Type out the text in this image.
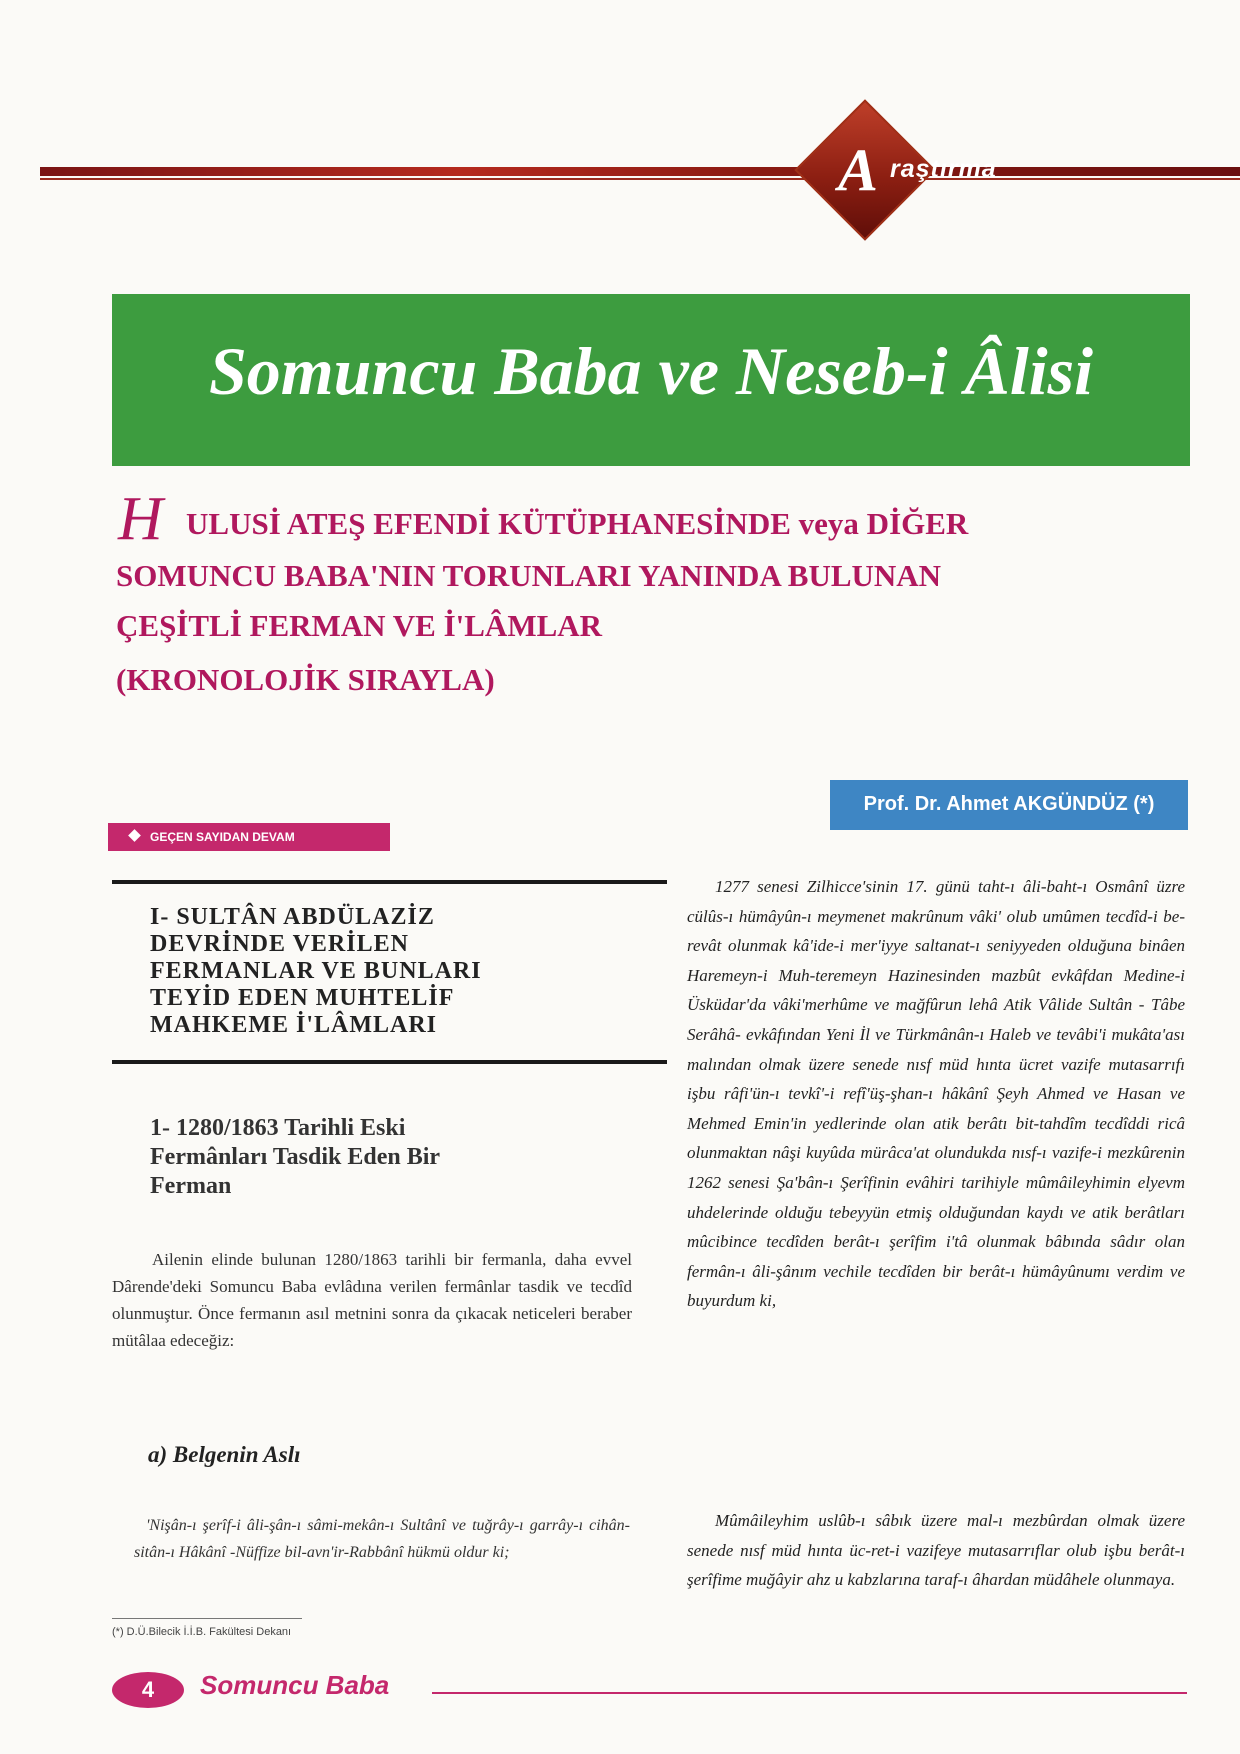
A raştırma
Somuncu Baba ve Neseb-i Âlisi
H ULUSİ ATEŞ EFENDİ KÜTÜPHANESİNDE veya DİĞER
SOMUNCU BABA'NIN TORUNLARI YANINDA BULUNAN
ÇEŞİTLİ FERMAN VE İ'LÂMLAR
(KRONOLOJİK SIRAYLA)
Prof. Dr. Ahmet AKGÜNDÜZ (*)
GEÇEN SAYIDAN DEVAM
I- SULTÂN ABDÜLAZİZ
DEVRİNDE VERİLEN
FERMANLAR VE BUNLARI
TEYİD EDEN MUHTELİF
MAHKEME İ'LÂMLARI
1- 1280/1863 Tarihli Eski
Fermânları Tasdik Eden Bir
Ferman

Ailenin elinde bulunan 1280/1863 tarihli bir fermanla, daha evvel Dârende'deki Somuncu Baba evlâdına verilen fermânlar tasdik ve tecdîd olunmuştur. Önce fermanın asıl metnini sonra da çıkacak neticeleri beraber mütâlaa edeceğiz:

a) Belgenin Aslı

'Nişân-ı şerîf-i âli-şân-ı sâmi-mekân-ı Sultânî ve tuğrây-ı garrây-ı cihân-sitân-ı Hâkânî -Nüffize bil-avn'ir-Rabbânî hükmü oldur ki;

(*) D.Ü.Bilecik İ.İ.B. Fakültesi Dekanı

1277 senesi Zilhicce'sinin 17. günü taht-ı âli-baht-ı Osmânî üzre cülûs-ı hümâyûn-ı meymenet makrûnum vâki' olub umûmen tecdîd-i be-revât olunmak kâ'ide-i mer'iyye saltanat-ı seniyyeden olduğuna binâen Haremeyn-i Muh-teremeyn Hazinesinden mazbût evkâfdan Medine-i Üsküdar'da vâki'merhûme ve mağfûrun lehâ Atik Vâlide Sultân - Tâbe Serâhâ- evkâfından Yeni İl ve Türkmânân-ı Haleb ve tevâbi'i mukâta'ası malından olmak üzere senede nısf müd hınta ücret vazife mutasarrıfı işbu râfi'ün-ı tevkî'-i refî'üş-şhan-ı hâkânî Şeyh Ahmed ve Hasan ve Mehmed Emin'in yedlerinde olan atik berâtı bit-tahdîm tecdîddi ricâ olunmaktan nâşi kuyûda mürâca'at olundukda nısf-ı vazife-i mezkûrenin 1262 senesi Şa'bân-ı Şerîfinin evâhiri tarihiyle mûmâileyhimin elyevm uhdelerinde olduğu tebeyyün etmiş olduğundan kaydı ve atik berâtları mûcibince tecdîden berât-ı şerîfim i'tâ olunmak bâbında sâdır olan fermân-ı âli-şânım vechile tecdîden bir berât-ı hümâyûnumı verdim ve buyurdum ki,

Mûmâileyhim uslûb-ı sâbık üzere mal-ı mezbûrdan olmak üzere senede nısf müd hınta üc-ret-i vazifeye mutasarrıflar olub işbu berât-ı şerîfime muğâyir ahz u kabzlarına taraf-ı âhardan müdâhele olunmaya.

4	Somuncu Baba
